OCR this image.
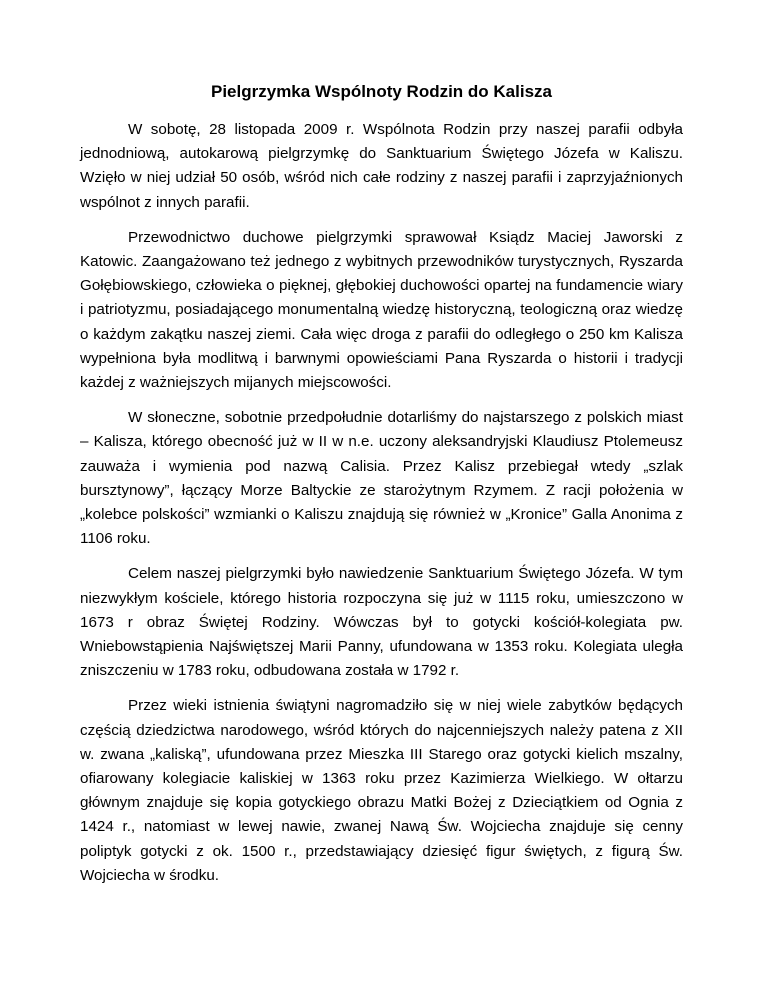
Pielgrzymka Wspólnoty Rodzin do Kalisza

W sobotę, 28 listopada 2009 r. Wspólnota Rodzin przy naszej parafii odbyła jednodniową, autokarową pielgrzymkę do Sanktuarium Świętego Józefa w Kaliszu. Wzięło w niej udział 50 osób, wśród nich całe rodziny z naszej parafii i zaprzyjaźnionych wspólnot z innych parafii.

Przewodnictwo duchowe pielgrzymki sprawował Ksiądz Maciej Jaworski z Katowic. Zaangażowano też jednego z wybitnych przewodników turystycznych, Ryszarda Gołębiowskiego, człowieka o pięknej, głębokiej duchowości opartej na fundamencie wiary i patriotyzmu, posiadającego monumentalną wiedzę historyczną, teologiczną oraz wiedzę o każdym zakątku naszej ziemi. Cała więc droga z parafii do odległego o 250 km Kalisza wypełniona była modlitwą i barwnymi opowieściami Pana Ryszarda o historii i tradycji każdej z ważniejszych mijanych miejscowości.

W słoneczne, sobotnie przedpołudnie dotarliśmy do najstarszego z polskich miast – Kalisza, którego obecność już w II w n.e. uczony aleksandryjski Klaudiusz Ptolemeusz zauważa i wymienia pod nazwą Calisia. Przez Kalisz przebiegał wtedy „szlak bursztynowy”, łączący Morze Baltyckie ze starożytnym Rzymem. Z racji położenia w „kolebce polskości” wzmianki o Kaliszu znajdują się również w „Kronice” Galla Anonima z 1106 roku.

Celem naszej pielgrzymki było nawiedzenie Sanktuarium Świętego Józefa. W tym niezwykłym kościele, którego historia rozpoczyna się już w 1115 roku, umieszczono w 1673 r obraz Świętej Rodziny. Wówczas był to gotycki kościół-kolegiata pw. Wniebowstąpienia Najświętszej Marii Panny, ufundowana w 1353 roku. Kolegiata uległa zniszczeniu w 1783 roku, odbudowana została w 1792 r.

Przez wieki istnienia świątyni nagromadziło się w niej wiele zabytków będących częścią dziedzictwa narodowego, wśród których do najcenniejszych należy patena z XII w. zwana „kaliską”, ufundowana przez Mieszka III Starego oraz gotycki kielich mszalny, ofiarowany kolegiacie kaliskiej w 1363 roku przez Kazimierza Wielkiego. W ołtarzu głównym znajduje się kopia gotyckiego obrazu Matki Bożej z Dzieciątkiem od Ognia z 1424 r., natomiast w lewej nawie, zwanej Nawą Św. Wojciecha znajduje się cenny poliptyk gotycki z ok. 1500 r., przedstawiający dziesięć figur świętych, z figurą Św. Wojciecha w środku.
